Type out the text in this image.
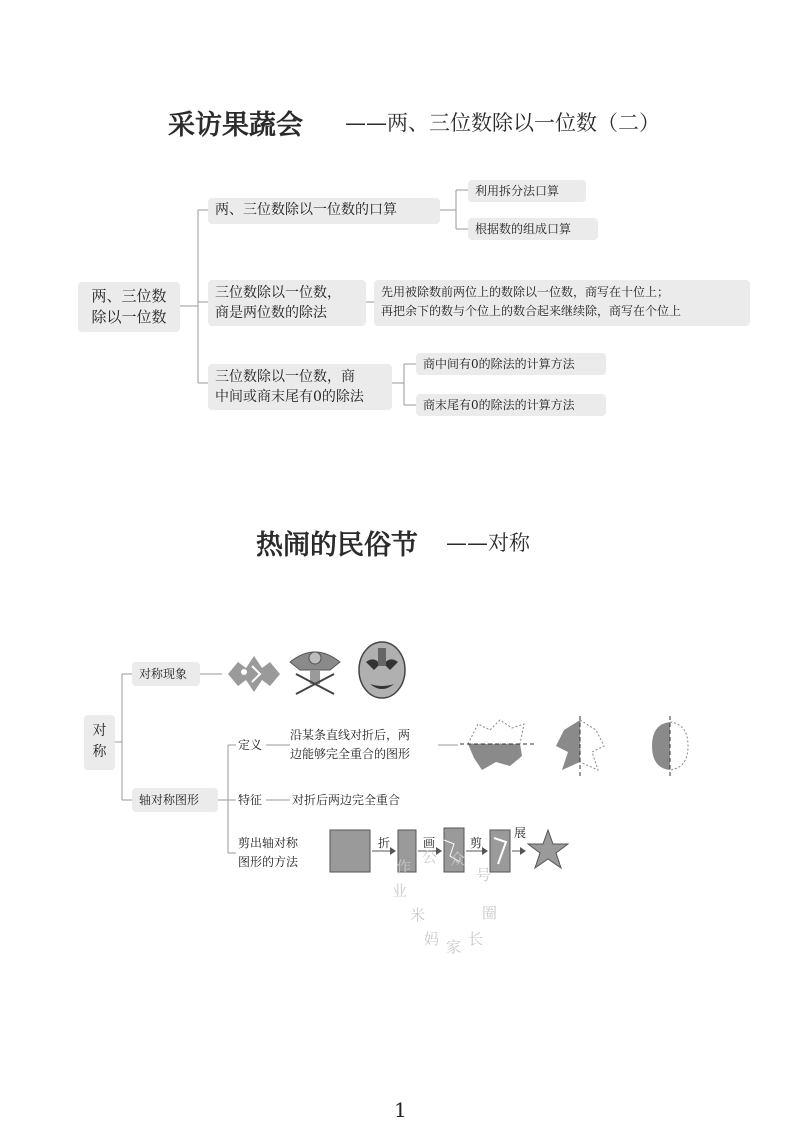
采访果蔬会 ——两、三位数除以一位数（二）
两、三位数
除以一位数
两、三位数除以一位数的口算
利用拆分法口算
根据数的组成口算
三位数除以一位数，
商是两位数的除法
先用被除数前两位上的数除以一位数，商写在十位上；
再把余下的数与个位上的数合起来继续除，商写在个位上
三位数除以一位数，商
中间或商末尾有0的除法
商中间有0的除法的计算方法
商末尾有0的除法的计算方法
热闹的民俗节 ——对称
对
称
对称现象
轴对称图形
定义
沿某条直线对折后，两
边能够完全重合的图形
特征 对折后两边完全重合
剪出轴对称
图形的方法
折	画	剪
展
作
业
公 众
号
米
妈 家 长
圈
1
